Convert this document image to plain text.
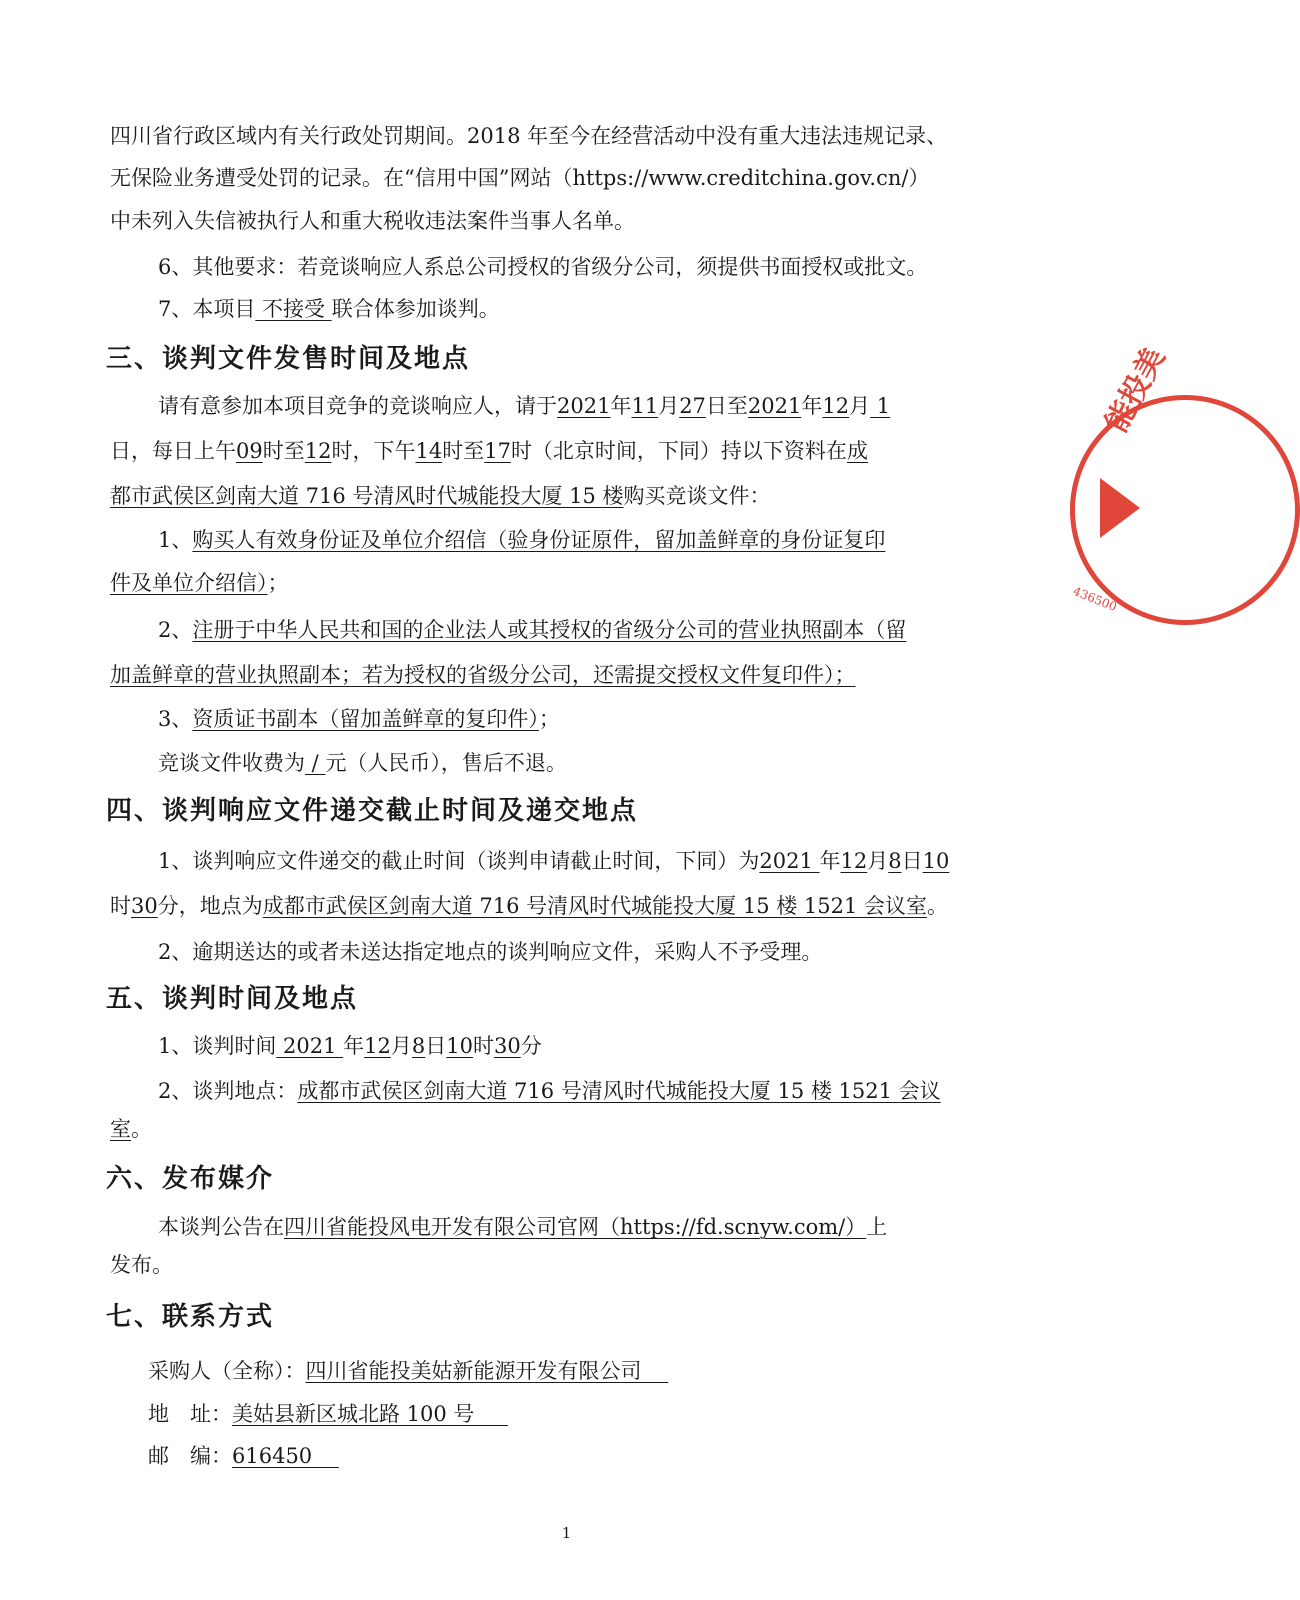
四川省行政区域内有关行政处罚期间。2018 年至今在经营活动中没有重大违法违规记录、
无保险业务遭受处罚的记录。在“信用中国”网站（https://www.creditchina.gov.cn/）
中未列入失信被执行人和重大税收违法案件当事人名单。
6、其他要求：若竞谈响应人系总公司授权的省级分公司，须提供书面授权或批文。
7、本项目 不接受 联合体参加谈判。
三、谈判文件发售时间及地点
请有意参加本项目竞争的竞谈响应人，请于2021年11月27日至2021年12月 1
日，每日上午09时至12时，下午14时至17时（北京时间，下同）持以下资料在成
都市武侯区剑南大道 716 号清风时代城能投大厦 15 楼购买竞谈文件：
1、购买人有效身份证及单位介绍信（验身份证原件，留加盖鲜章的身份证复印
件及单位介绍信）；
2、注册于中华人民共和国的企业法人或其授权的省级分公司的营业执照副本（留
加盖鲜章的营业执照副本；若为授权的省级分公司，还需提交授权文件复印件）；
3、资质证书副本（留加盖鲜章的复印件）；
竞谈文件收费为 / 元（人民币），售后不退。
四、谈判响应文件递交截止时间及递交地点
1、谈判响应文件递交的截止时间（谈判申请截止时间，下同）为2021 年12月8日10
时30分，地点为成都市武侯区剑南大道 716 号清风时代城能投大厦 15 楼 1521 会议室。
2、逾期送达的或者未送达指定地点的谈判响应文件，采购人不予受理。
五、谈判时间及地点
1、谈判时间 2021 年12月8日10时30分
2、谈判地点：成都市武侯区剑南大道 716 号清风时代城能投大厦 15 楼 1521 会议
室。
六、发布媒介
本谈判公告在四川省能投风电开发有限公司官网（https://fd.scnyw.com/）上
发布。
七、联系方式
采购人（全称）：四川省能投美姑新能源开发有限公司
地　址：美姑县新区城北路 100 号
邮　编：616450
1
能投美
436500
